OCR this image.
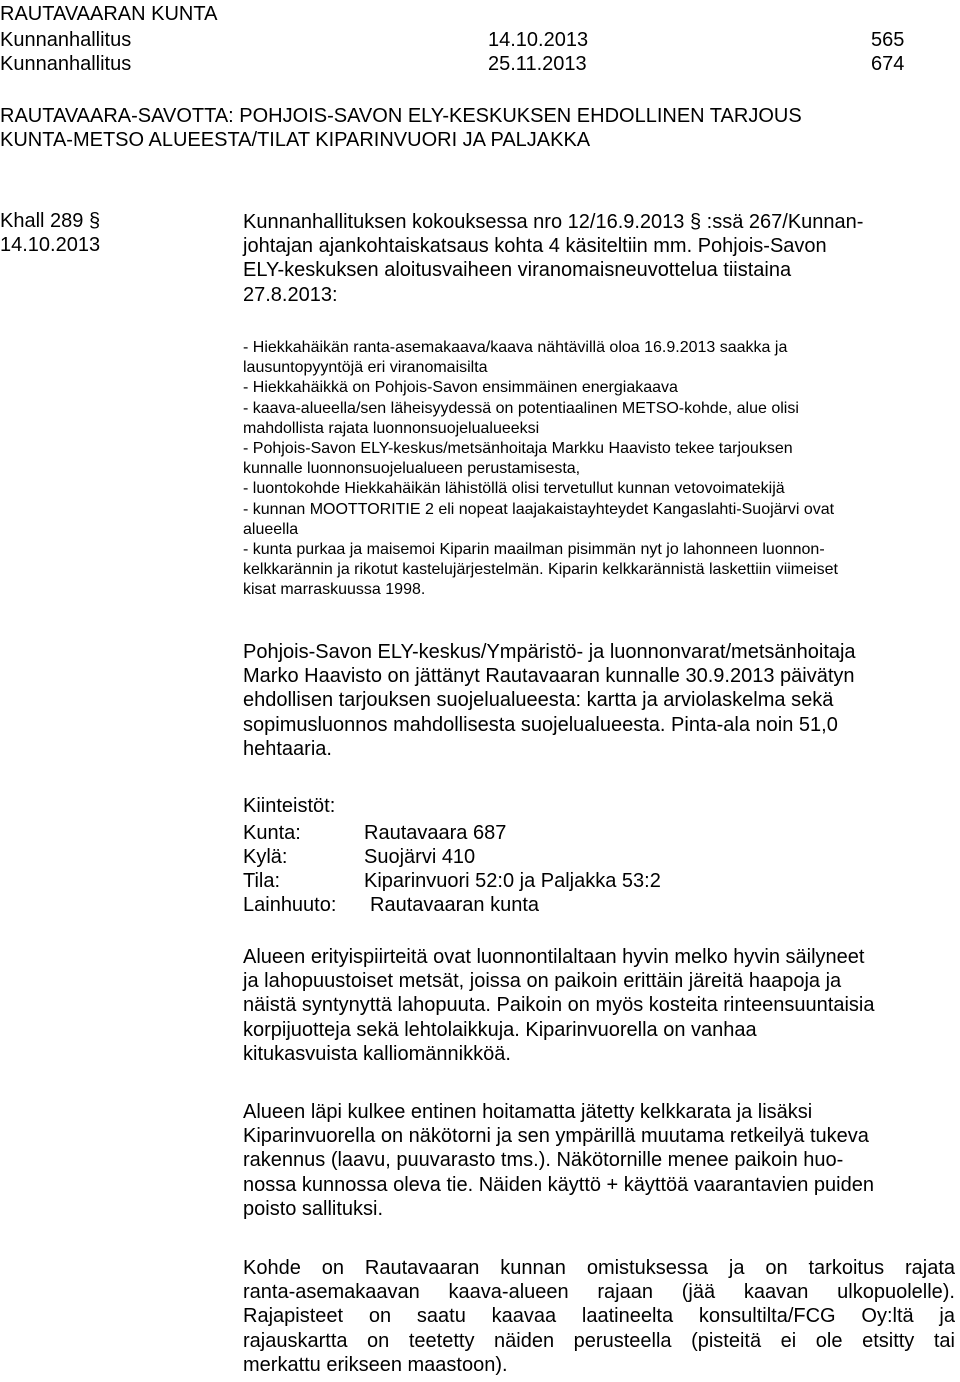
RAUTAVAARAN KUNTA
Kunnanhallitus	14.10.2013	565
Kunnanhallitus	25.11.2013	674
RAUTAVAARA-SAVOTTA: POHJOIS-SAVON ELY-KESKUKSEN EHDOLLINEN TARJOUS
KUNTA-METSO ALUEESTA/TILAT KIPARINVUORI JA PALJAKKA
Khall 289 §
14.10.2013
Kunnanhallituksen kokouksessa nro 12/16.9.2013 § :ssä 267/Kunnan-
johtajan ajankohtaiskatsaus kohta 4 käsiteltiin mm. Pohjois-Savon
ELY-keskuksen aloitusvaiheen viranomaisneuvottelua tiistaina
27.8.2013:
- Hiekkahäikän ranta-asemakaava/kaava nähtävillä oloa 16.9.2013 saakka ja
lausuntopyyntöjä eri viranomaisilta
- Hiekkahäikkä on Pohjois-Savon ensimmäinen energiakaava
- kaava-alueella/sen läheisyydessä on potentiaalinen METSO-kohde, alue olisi
mahdollista rajata luonnonsuojelualueeksi
- Pohjois-Savon ELY-keskus/metsänhoitaja Markku Haavisto tekee tarjouksen
kunnalle luonnonsuojelualueen perustamisesta,
- luontokohde Hiekkahäikän lähistöllä olisi tervetullut kunnan vetovoimatekijä
- kunnan MOOTTORITIE 2 eli nopeat laajakaistayhteydet Kangaslahti-Suojärvi ovat
alueella
- kunta purkaa ja maisemoi Kiparin maailman pisimmän nyt jo lahonneen luonnon-
kelkkarännin ja rikotut kastelujärjestelmän. Kiparin kelkkarännistä laskettiin viimeiset
kisat marraskuussa 1998.
Pohjois-Savon ELY-keskus/Ympäristö- ja luonnonvarat/metsänhoitaja
Marko Haavisto on jättänyt Rautavaaran kunnalle 30.9.2013 päivätyn
ehdollisen tarjouksen suojelualueesta: kartta ja arviolaskelma sekä
sopimusluonnos mahdollisesta suojelualueesta. Pinta-ala noin 51,0
hehtaaria.
Kiinteistöt:
Kunta:	Rautavaara 687
Kylä:	Suojärvi 410
Tila:	Kiparinvuori 52:0 ja Paljakka 53:2
Lainhuuto: Rautavaaran kunta
Alueen erityispiirteitä ovat luonnontilaltaan hyvin melko hyvin säilyneet
ja lahopuustoiset metsät, joissa on paikoin erittäin järeitä haapoja ja
näistä syntynyttä lahopuuta. Paikoin on myös kosteita rinteensuuntaisia
korpijuotteja sekä lehtolaikkuja. Kiparinvuorella on vanhaa
kitukasvuista kalliomännikköä.
Alueen läpi kulkee entinen hoitamatta jätetty kelkkarata ja lisäksi
Kiparinvuorella on näkötorni ja sen ympärillä muutama retkeilyä tukeva
rakennus (laavu, puuvarasto tms.). Näkötornille menee paikoin huo-
nossa kunnossa oleva tie. Näiden käyttö + käyttöä vaarantavien puiden
poisto sallituksi.
Kohde on Rautavaaran kunnan omistuksessa ja on tarkoitus rajata
ranta-asemakaavan kaava-alueen rajaan (jää kaavan ulkopuolelle).
Rajapisteet on saatu kaavaa laatineelta konsultilta/FCG Oy:ltä ja
rajauskartta on teetetty näiden perusteella (pisteitä ei ole etsitty tai
merkattu erikseen maastoon).
